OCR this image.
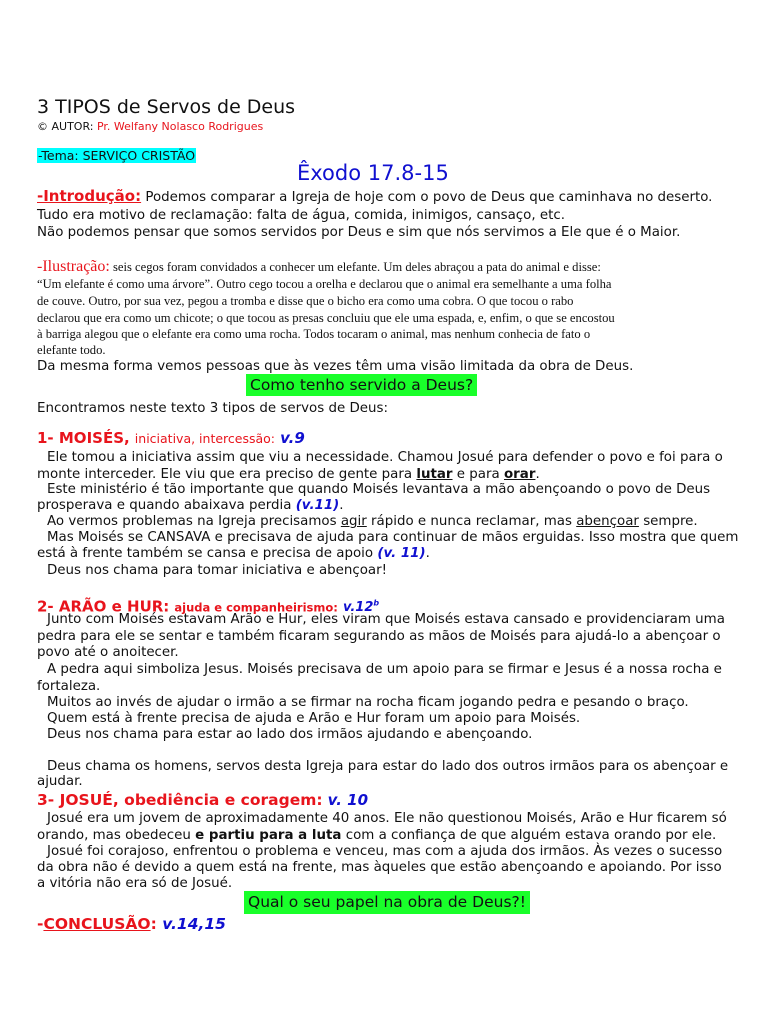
3 TIPOS de Servos de Deus
© AUTOR: Pr. Welfany Nolasco Rodrigues
-Tema: SERVIÇO CRISTÃO
Êxodo 17.8-15
-Introdução: Podemos comparar a Igreja de hoje com o povo de Deus que caminhava no deserto.
Tudo era motivo de reclamação: falta de água, comida, inimigos, cansaço, etc.
Não podemos pensar que somos servidos por Deus e sim que nós servimos a Ele que é o Maior.
-Ilustração: seis cegos foram convidados a conhecer um elefante. Um deles abraçou a pata do animal e disse:
“Um elefante é como uma árvore”. Outro cego tocou a orelha e declarou que o animal era semelhante a uma folha
de couve. Outro, por sua vez, pegou a tromba e disse que o bicho era como uma cobra. O que tocou o rabo
declarou que era como um chicote; o que tocou as presas concluiu que ele uma espada, e, enfim, o que se encostou
à barriga alegou que o elefante era como uma rocha. Todos tocaram o animal, mas nenhum conhecia de fato o
elefante todo.
Da mesma forma vemos pessoas que às vezes têm uma visão limitada da obra de Deus.
Como tenho servido a Deus?
Encontramos neste texto 3 tipos de servos de Deus:
1- MOISÉS, iniciativa, intercessão: v.9
Ele tomou a iniciativa assim que viu a necessidade. Chamou Josué para defender o povo e foi para o
monte interceder. Ele viu que era preciso de gente para lutar e para orar.
Este ministério é tão importante que quando Moisés levantava a mão abençoando o povo de Deus
prosperava e quando abaixava perdia (v.11).
Ao vermos problemas na Igreja precisamos agir rápido e nunca reclamar, mas abençoar sempre.
Mas Moisés se CANSAVA e precisava de ajuda para continuar de mãos erguidas. Isso mostra que quem
está à frente também se cansa e precisa de apoio (v. 11).
Deus nos chama para tomar iniciativa e abençoar!
2- ARÃO e HUR: ajuda e companheirismo: v.12$^b$
Junto com Moisés estavam Arão e Hur, eles viram que Moisés estava cansado e providenciaram uma
pedra para ele se sentar e também ficaram segurando as mãos de Moisés para ajudá-lo a abençoar o
povo até o anoitecer.
A pedra aqui simboliza Jesus. Moisés precisava de um apoio para se firmar e Jesus é a nossa rocha e
fortaleza.
Muitos ao invés de ajudar o irmão a se firmar na rocha ficam jogando pedra e pesando o braço.
Quem está à frente precisa de ajuda e Arão e Hur foram um apoio para Moisés.
Deus nos chama para estar ao lado dos irmãos ajudando e abençoando.
Deus chama os homens, servos desta Igreja para estar do lado dos outros irmãos para os abençoar e
ajudar.
3- JOSUÉ, obediência e coragem: v. 10
Josué era um jovem de aproximadamente 40 anos. Ele não questionou Moisés, Arão e Hur ficarem só
orando, mas obedeceu e partiu para a luta com a confiança de que alguém estava orando por ele.
Josué foi corajoso, enfrentou o problema e venceu, mas com a ajuda dos irmãos. Às vezes o sucesso
da obra não é devido a quem está na frente, mas àqueles que estão abençoando e apoiando. Por isso
a vitória não era só de Josué.
Qual o seu papel na obra de Deus?!
-CONCLUSÃO: v.14,15
